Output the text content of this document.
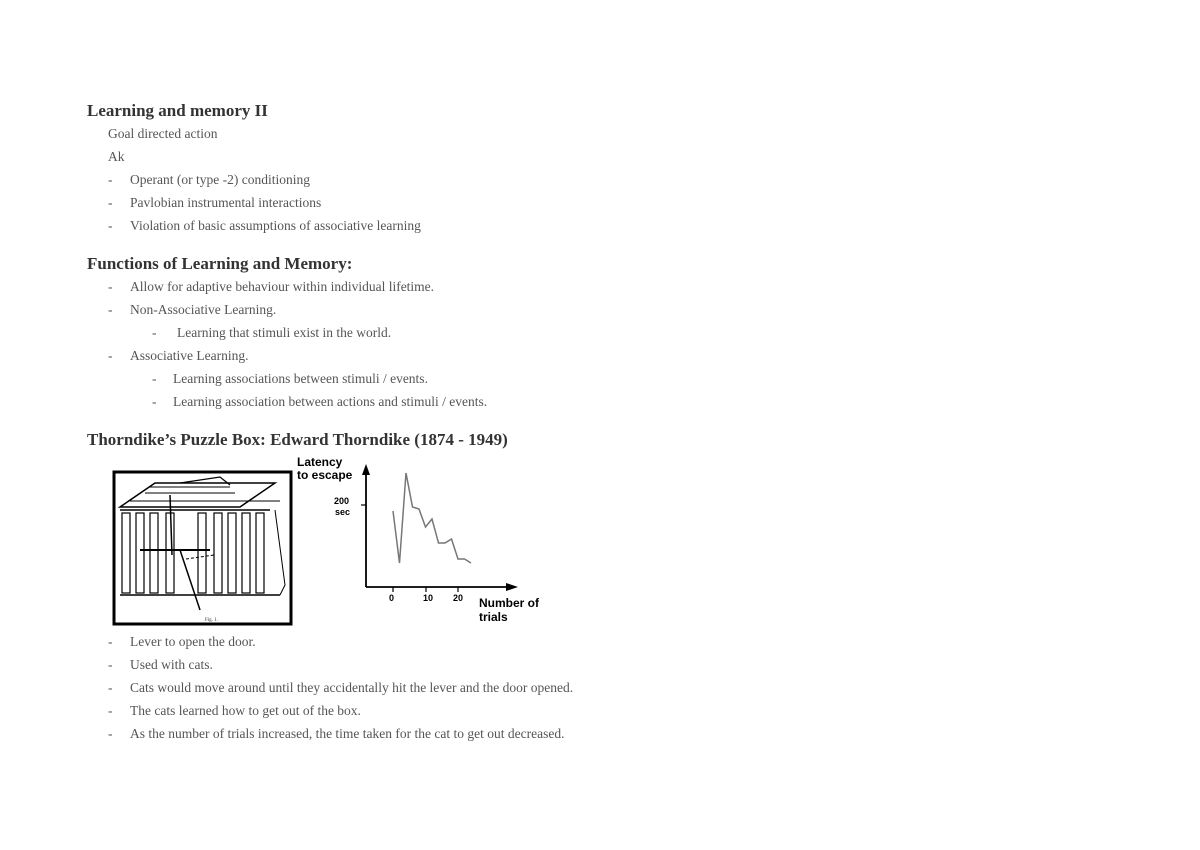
Learning and memory II
Goal directed action
Ak
- Operant (or type -2) conditioning
- Pavlobian instrumental interactions
- Violation of basic assumptions of associative learning
Functions of Learning and Memory:
- Allow for adaptive behaviour within individual lifetime.
- Non-Associative Learning.
- Learning that stimuli exist in the world.
- Associative Learning.
- Learning associations between stimuli / events.
- Learning association between actions and stimuli / events.
Thorndike’s Puzzle Box: Edward Thorndike (1874 - 1949)
Fig. 1.
Latency
to escape
200
sec
Number of
trials
0	10 20
- Lever to open the door.
- Used with cats.
- Cats would move around until they accidentally hit the lever and the door opened.
- The cats learned how to get out of the box.
- As the number of trials increased, the time taken for the cat to get out decreased.
